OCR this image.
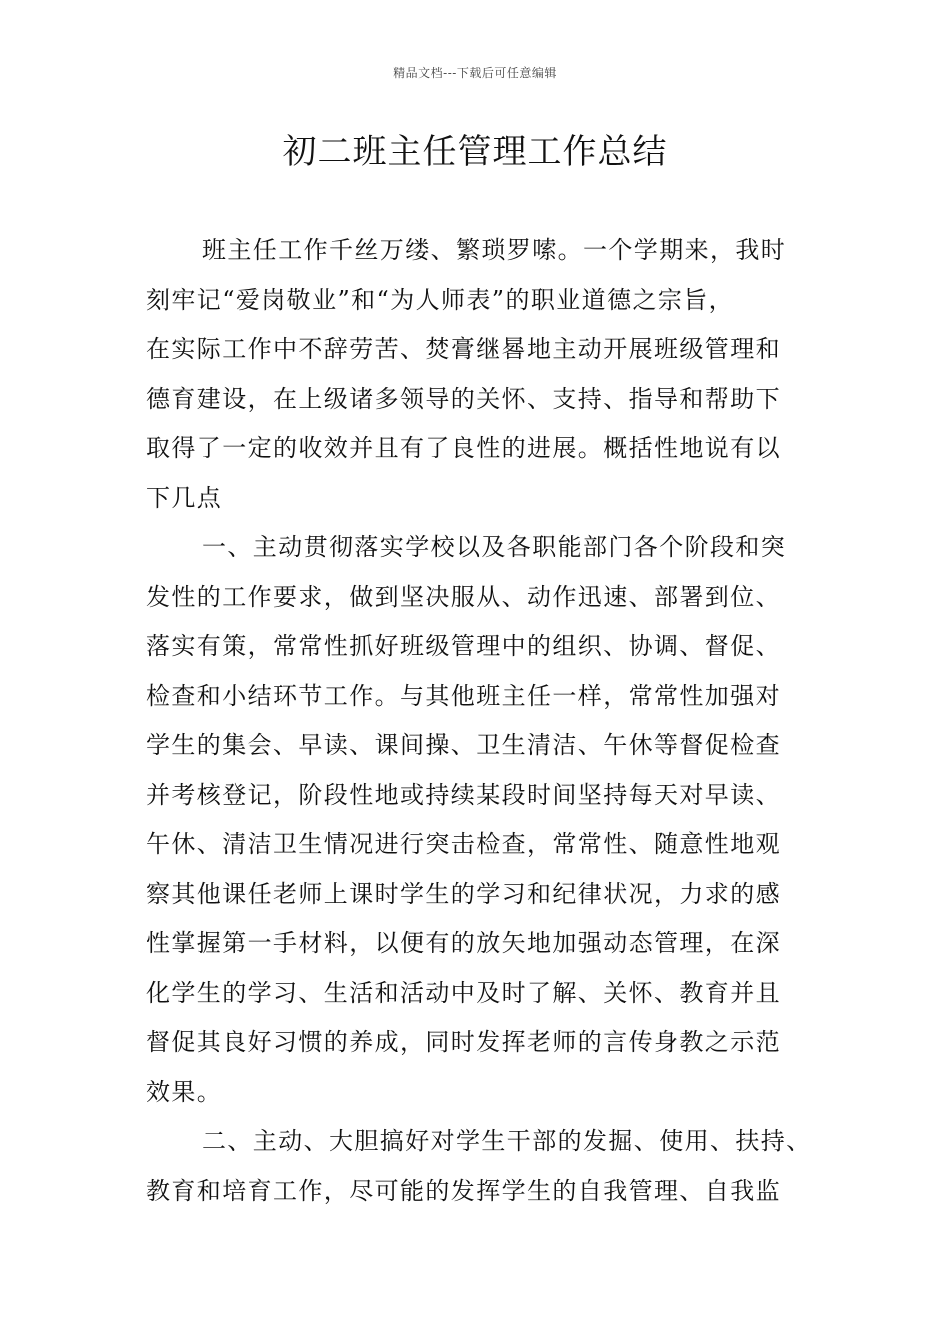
精品文档---下载后可任意编辑
初二班主任管理工作总结
班主任工作千丝万缕、繁琐罗嗦。一个学期来，我时
刻牢记“爱岗敬业”和“为人师表”的职业道德之宗旨，
在实际工作中不辞劳苦、焚膏继晷地主动开展班级管理和
德育建设，在上级诸多领导的关怀、支持、指导和帮助下
取得了一定的收效并且有了良性的进展。概括性地说有以
下几点
一、主动贯彻落实学校以及各职能部门各个阶段和突
发性的工作要求，做到坚决服从、动作迅速、部署到位、
落实有策，常常性抓好班级管理中的组织、协调、督促、
检查和小结环节工作。与其他班主任一样，常常性加强对
学生的集会、早读、课间操、卫生清洁、午休等督促检查
并考核登记，阶段性地或持续某段时间坚持每天对早读、
午休、清洁卫生情况进行突击检查，常常性、随意性地观
察其他课任老师上课时学生的学习和纪律状况，力求的感
性掌握第一手材料，以便有的放矢地加强动态管理，在深
化学生的学习、生活和活动中及时了解、关怀、教育并且
督促其良好习惯的养成，同时发挥老师的言传身教之示范
效果。
二、主动、大胆搞好对学生干部的发掘、使用、扶持、
教育和培育工作，尽可能的发挥学生的自我管理、自我监
